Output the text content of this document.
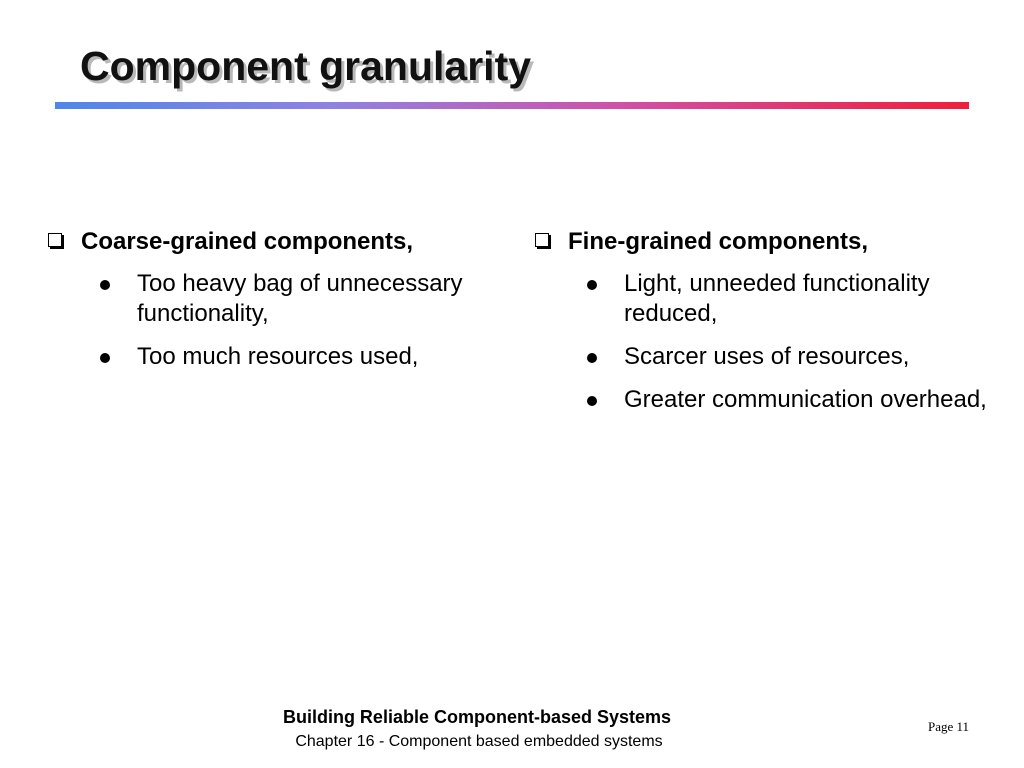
Component granularity
Coarse-grained components,
Too heavy bag of unnecessary functionality,
Too much resources used,
Fine-grained components,
Light, unneeded functionality reduced,
Scarcer uses of resources,
Greater communication overhead,
Building Reliable Component-based Systems
Chapter 16 - Component based embedded systems
Page 11
